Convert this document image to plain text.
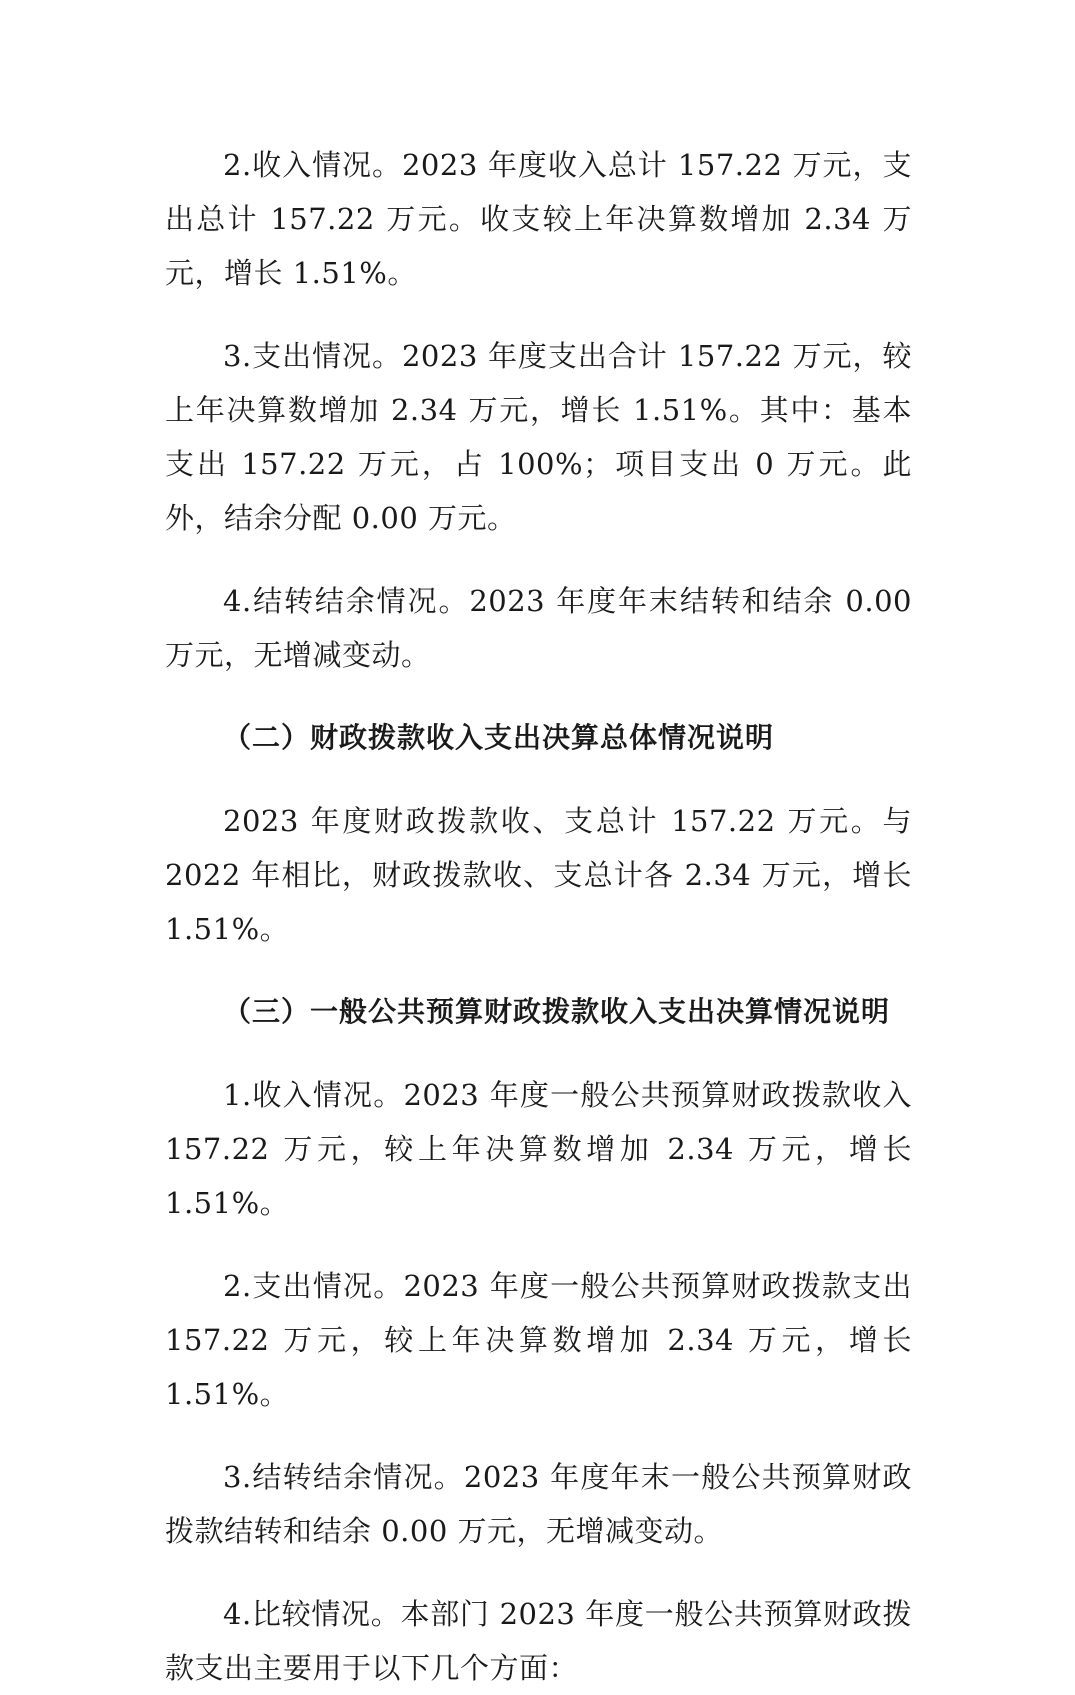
2.收入情况。2023 年度收入总计 157.22 万元，支出总计 157.22 万元。收支较上年决算数增加 2.34 万元，增长 1.51%。

3.支出情况。2023 年度支出合计 157.22 万元，较上年决算数增加 2.34 万元，增长 1.51%。其中：基本支出 157.22 万元，占 100%；项目支出 0 万元。此外，结余分配 0.00 万元。

4.结转结余情况。2023 年度年末结转和结余 0.00 万元，无增减变动。

（二）财政拨款收入支出决算总体情况说明

2023 年度财政拨款收、支总计 157.22 万元。与 2022 年相比，财政拨款收、支总计各 2.34 万元，增长 1.51%。

（三）一般公共预算财政拨款收入支出决算情况说明

1.收入情况。2023 年度一般公共预算财政拨款收入 157.22 万元，较上年决算数增加 2.34 万元，增长 1.51%。

2.支出情况。2023 年度一般公共预算财政拨款支出 157.22 万元，较上年决算数增加 2.34 万元，增长 1.51%。

3.结转结余情况。2023 年度年末一般公共预算财政拨款结转和结余 0.00 万元，无增减变动。

4.比较情况。本部门 2023 年度一般公共预算财政拨款支出主要用于以下几个方面：
